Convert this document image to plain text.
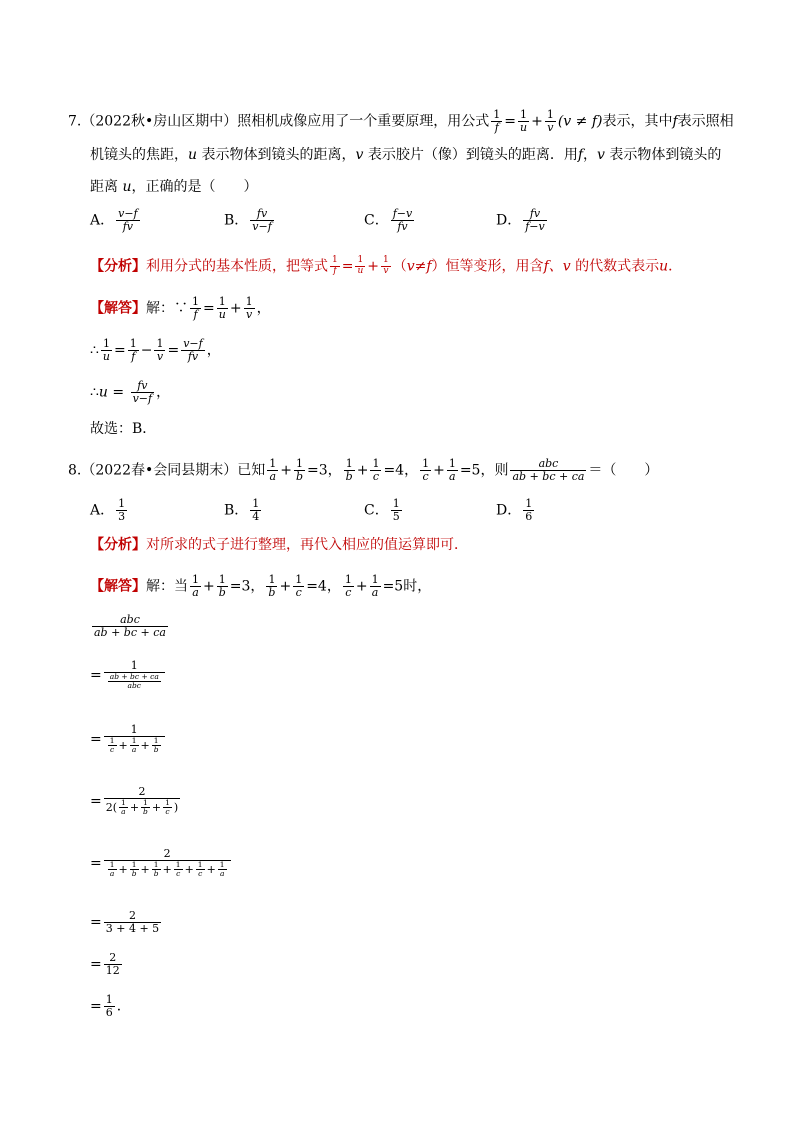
7.（2022秋•房山区期中）照相机成像应用了一个重要原理，用公式 $\frac{1}{f} = \frac{1}{u} + \frac{1}{v} (v \ne f)$表示，其中f表示照相
机镜头的焦距，u 表示物体到镜头的距离，v 表示胶片（像）到镜头的距离．用f，v 表示物体到镜头的
距离 u，正确的是（　　）
A． $\frac{v-f}{fv}$	B． $\frac{fv}{v-f}$	C． $\frac{f-v}{fv}$	D． $\frac{fv}{f-v}$
【分析】利用分式的基本性质，把等式 $\frac{1}{f} = \frac{1}{u} + \frac{1}{v} (v\ne f)$恒等变形，用含f、v 的代数式表示u．
【解答】解：∵ $\frac{1}{f} = \frac{1}{u} + \frac{1}{v}$ ，
∴ $\frac{1}{u} = \frac{1}{f} - \frac{1}{v} = \frac{v-f}{fv}$ ，
∴u = $\frac{fv}{v-f}$ ，
故选：B．
8.（2022春•会同县期末）已知 $\frac{1}{a} + \frac{1}{b} =3$， $\frac{1}{b} + \frac{1}{c} =4$， $\frac{1}{c} + \frac{1}{a} =5$，则 $\frac{\text{abc}}{ab + bc + ca}$ ＝（　　）
A． $\frac{1}{3}$	B． $\frac{1}{4}$	C． $\frac{1}{5}$	D． $\frac{1}{6}$
【分析】对所求的式子进行整理，再代入相应的值运算即可．
【解答】解：当 $\frac{1}{a} + \frac{1}{b} =3$， $\frac{1}{b} + \frac{1}{c} =4$， $\frac{1}{c} + \frac{1}{a} =5$时，
$\frac{\text{abc}}{ab + bc + ca}$
= $\frac{1}{\frac{ab + bc + ca}{\text{abc}}}$
= $\frac{1}{\frac{1}{c} + \frac{1}{a} + \frac{1}{b}}$
= $\frac{2}{2( \frac{1}{a} + \frac{1}{b} + \frac{1}{c} )}$
= $\frac{2}{\frac{1}{a} + \frac{1}{b} + \frac{1}{b} + \frac{1}{c} + \frac{1}{c} + \frac{1}{a}}$
= $\frac{2}{3 + 4 + 5}$
= $\frac{2}{12}$
= $\frac{1}{6}$ ．
